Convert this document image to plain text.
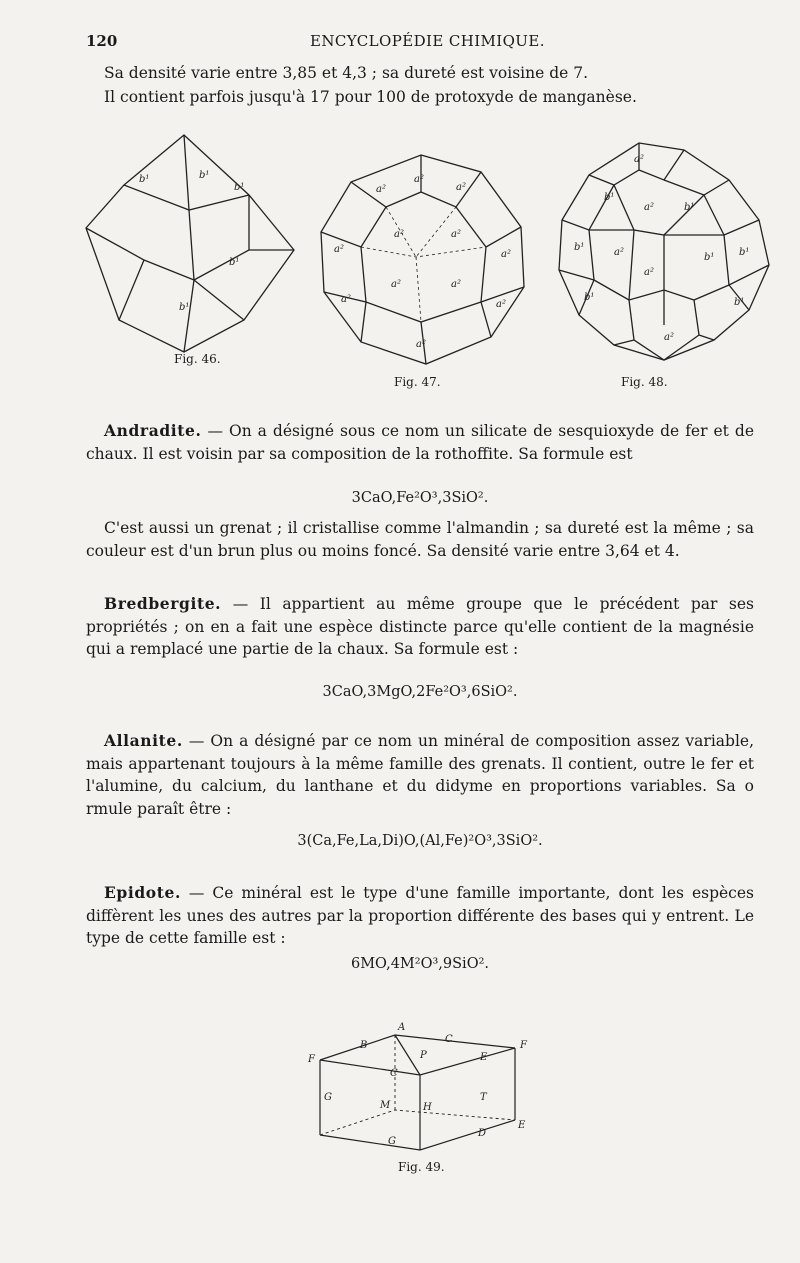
120	ENCYCLOPÉDIE CHIMIQUE.
Sa densité varie entre 3,85 et 4,3 ; sa dureté est voisine de 7.
Il contient parfois jusqu'à 17 pour 100 de protoxyde de manganèse.
b¹	b¹
b¹
b¹
b¹
Fig. 46.
a²
a²
a²
a²
a²	a²
a²
a²
a²	a²
a²
a²
Fig. 47.
a²
b¹
a²	b¹
b¹	a²	b¹ b¹
b¹
a²
b¹
a²
Fig. 48.
Andradite. — On a désigné sous ce nom un silicate de sesquioxyde de fer et de chaux. Il est voisin par sa composition de la rothoffite. Sa formule est
3CaO,Fe²O³,3SiO².
C'est aussi un grenat ; il cristallise comme l'almandin ; sa dureté est la même ; sa couleur est d'un brun plus ou moins foncé. Sa densité varie entre 3,64 et 4.
Bredbergite. — Il appartient au même groupe que le précédent par ses propriétés ; on en a fait une espèce distincte parce qu'elle contient de la magnésie qui a remplacé une partie de la chaux. Sa formule est :
3CaO,3MgO,2Fe²O³,6SiO².
Allanite. — On a désigné par ce nom un minéral de composition assez variable, mais appartenant toujours à la même famille des grenats. Il contient, outre le fer et l'alumine, du calcium, du lanthane et du didyme en proportions variables. Sa o rmule paraît être :
3(Ca,Fe,La,Di)O,(Al,Fe)²O³,3SiO².
Epidote. — Ce minéral est le type d'une famille importante, dont les espèces diffèrent les unes des autres par la proportion différente des bases qui y entrent. Le type de cette famille est :
6MO,4M²O³,9SiO².
A
B
C
P	E
F
C
M	H
T
G
F
G
D
E
Fig. 49.
